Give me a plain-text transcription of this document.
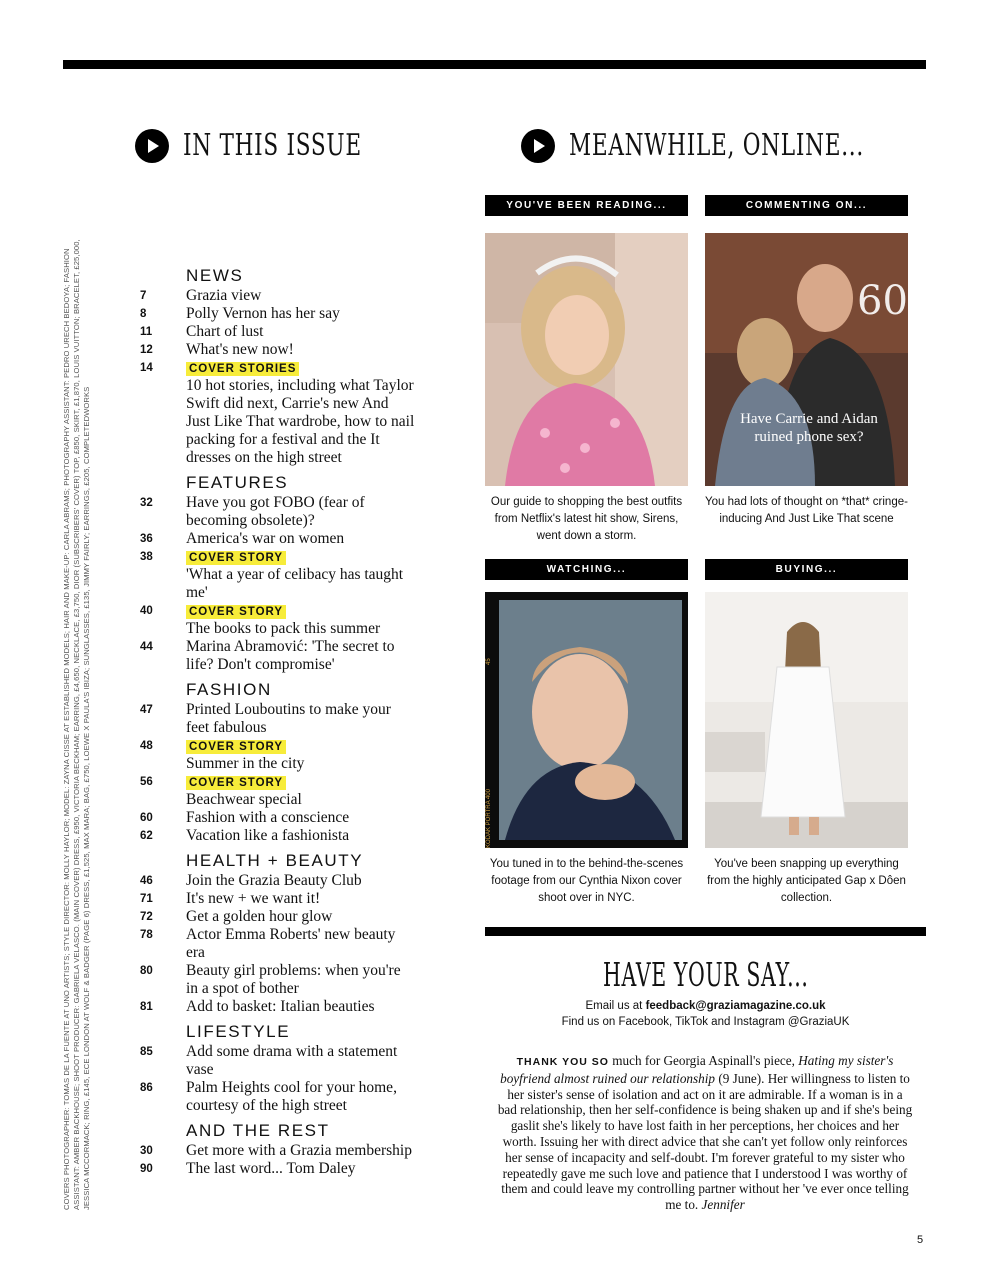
IN THIS ISSUE	MEANWHILE, ONLINE...
COVERS PHOTOGRAPHER: TOMAS DE LA FUENTE AT UNO ARTISTS; STYLE DIRECTOR: MOLLY HAYLOR; MODEL: ZAYNA CISSE AT ESTABLISHED MODELS; HAIR AND MAKE-UP: CARLA ABRAMS; PHOTOGRAPHY ASSISTANT: PEDRO URECH BEDOYA; FASHION ASSISTANT: AMBER BACKHOUSE; SHOOT PRODUCER: GABRIELA VELASCO. (MAIN COVER) DRESS, £950, VICTORIA BECKHAM; EARRING, £4,650, NECKLACE, £3,750, DIOR (SUBSCRIBERS' COVER) TOP, £850, SKIRT, £1,870, LOUIS VUITTON; BRACELET, £25,000, JESSICA MCCORMACK; RING, £145, ECE LONDON AT WOLF & BADGER (PAGE 6) DRESS, £1,525, MAX MARA; BAG, £750, LOEWE X PAULA'S IBIZA; SUNGLASSES, £135, JIMMY FAIRLY; EARRINGS, £205, COMPLETEDWORKS
NEWS
7	Grazia view
8	Polly Vernon has her say
11	Chart of lust
12	What's new now!
14	COVER STORIES
10 hot stories, including what Taylor Swift did next, Carrie's new And Just Like That wardrobe, how to nail packing for a festival and the It dresses on the high street
FEATURES
32	Have you got FOBO (fear of becoming obsolete)?
36	America's war on women
38	COVER STORY
'What a year of celibacy has taught me'
40	COVER STORY
The books to pack this summer
44	Marina Abramović: 'The secret to life? Don't compromise'
FASHION
47	Printed Louboutins to make your feet fabulous
48	COVER STORY
Summer in the city
56	COVER STORY
Beachwear special
60	Fashion with a conscience
62	Vacation like a fashionista
HEALTH + BEAUTY
46	Join the Grazia Beauty Club
71	It's new + we want it!
72	Get a golden hour glow
78	Actor Emma Roberts' new beauty era
80	Beauty girl problems: when you're in a spot of bother
81	Add to basket: Italian beauties
LIFESTYLE
85	Add some drama with a statement vase
86	Palm Heights cool for your home, courtesy of the high street
AND THE REST
30	Get more with a Grazia membership
90	The last word... Tom Daley
YOU'VE BEEN READING...	COMMENTING ON...
60
Have Carrie and Aidan ruined phone sex?
Our guide to shopping the best outfits from Netflix's latest hit show, Sirens, went down a storm.
You had lots of thought on *that* cringe-inducing And Just Like That scene
WATCHING...	BUYING...
45
You tuned in to the behind-the-scenes footage from our Cynthia Nixon cover shoot over in NYC.
You've been snapping up everything from the highly anticipated Gap x Dôen collection.
HAVE YOUR SAY...
Email us at feedback@graziamagazine.co.uk
Find us on Facebook, TikTok and Instagram @GraziaUK
THANK YOU SO much for Georgia Aspinall's piece, Hating my sister's boyfriend almost ruined our relationship (9 June). Her willingness to listen to her sister's sense of isolation and act on it are admirable. If a woman is in a bad relationship, then her self-confidence is being shaken up and if she's being gaslit she's likely to have lost faith in her perceptions, her choices and her worth. Issuing her with direct advice that she can't yet follow only reinforces her sense of incapacity and self-doubt. I'm forever grateful to my sister who repeatedly gave me such love and patience that I understood I was worthy of them and could leave my controlling partner without her 've ever once telling me to. Jennifer
5
